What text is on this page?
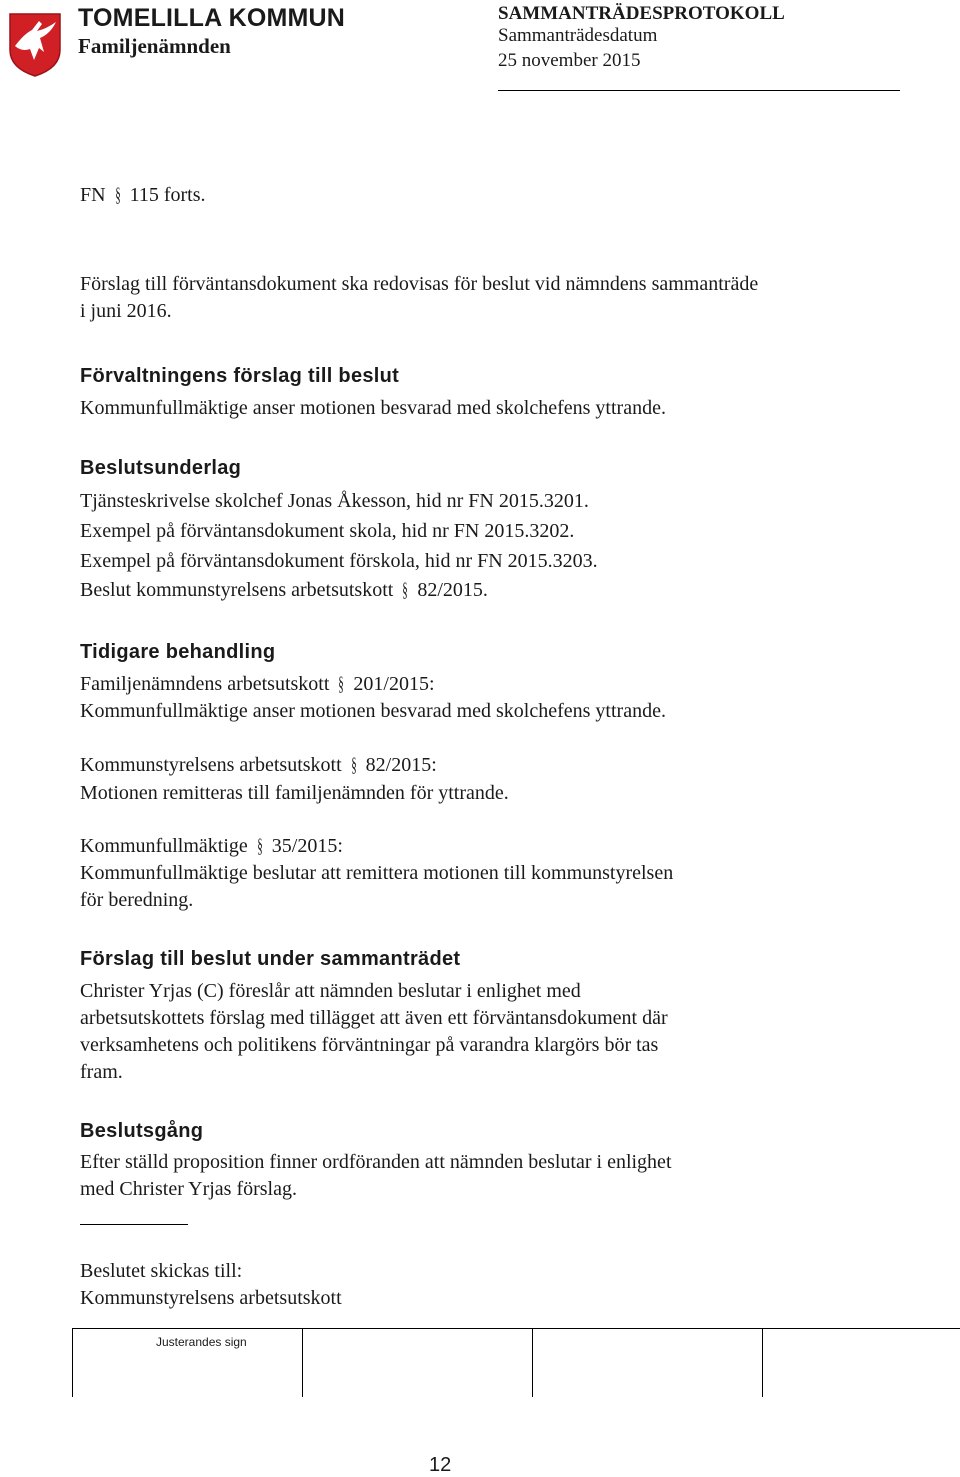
TOMELILLA KOMMUN
Familjenämnden
SAMMANTRÄDESPROTOKOLL
Sammanträdesdatum
25 november 2015

FN § 115 forts.

Förslag till förväntansdokument ska redovisas för beslut vid nämndens sammanträde i juni 2016.

Förvaltningens förslag till beslut

Kommunfullmäktige anser motionen besvarad med skolchefens yttrande.

Beslutsunderlag

Tjänsteskrivelse skolchef Jonas Åkesson, hid nr FN 2015.3201.

Exempel på förväntansdokument skola, hid nr FN 2015.3202.

Exempel på förväntansdokument förskola, hid nr FN 2015.3203.

Beslut kommunstyrelsens arbetsutskott § 82/2015.

Tidigare behandling

Familjenämndens arbetsutskott § 201/2015:

Kommunfullmäktige anser motionen besvarad med skolchefens yttrande.

Kommunstyrelsens arbetsutskott § 82/2015:

Motionen remitteras till familjenämnden för yttrande.

Kommunfullmäktige § 35/2015:

Kommunfullmäktige beslutar att remittera motionen till kommunstyrelsen

för beredning.

Förslag till beslut under sammanträdet

Christer Yrjas (C) föreslår att nämnden beslutar i enlighet med

arbetsutskottets förslag med tillägget att även ett förväntansdokument där

verksamhetens och politikens förväntningar på varandra klargörs bör tas

fram.

Beslutsgång

Efter ställd proposition finner ordföranden att nämnden beslutar i enlighet

med Christer Yrjas förslag.

Beslutet skickas till:

Kommunstyrelsens arbetsutskott

Justerandes sign
12
